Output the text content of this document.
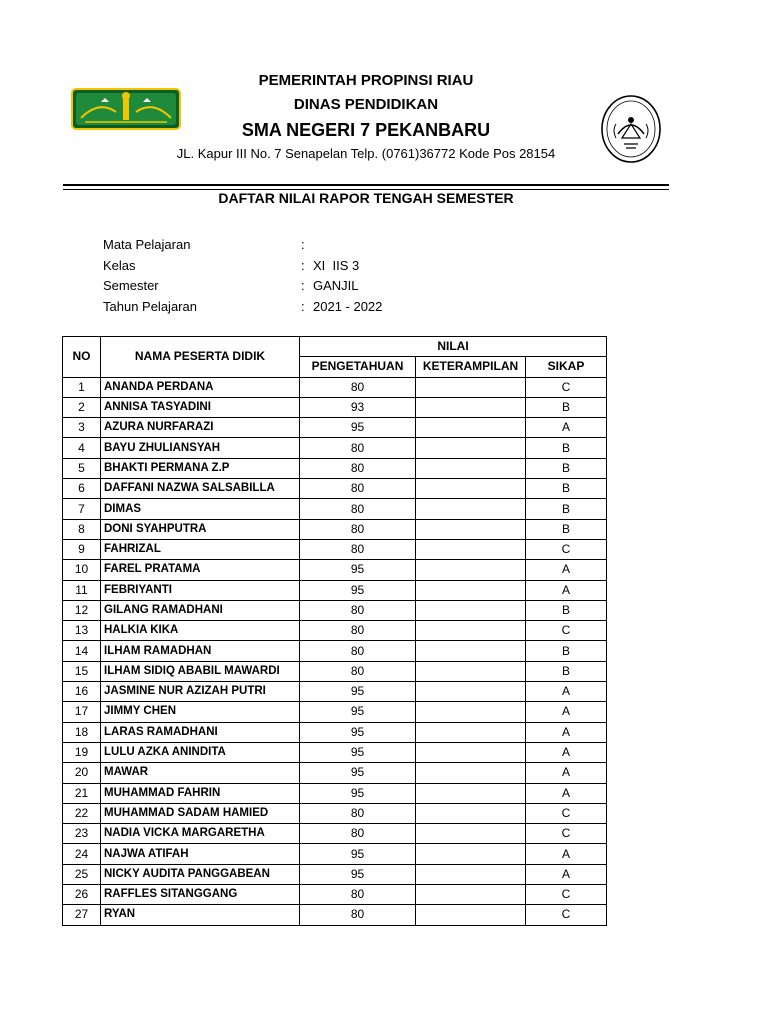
PEMERINTAH PROPINSI RIAU
DINAS PENDIDIKAN
SMA NEGERI 7 PEKANBARU
JL. Kapur III No. 7 Senapelan Telp. (0761)36772 Kode Pos 28154
DAFTAR NILAI RAPOR TENGAH SEMESTER
Mata Pelajaran	:
Kelas	: XI  IIS 3
Semester	: GANJIL
Tahun Pelajaran	: 2021 - 2022
NO	NAMA PESERTA DIDIK	NILAI		
		PENGETAHUAN	KETERAMPILAN	SIKAP
1	ANANDA PERDANA	80		C
2	ANNISA TASYADINI	93		B
3	AZURA NURFARAZI	95		A
4	BAYU ZHULIANSYAH	80		B
5	BHAKTI PERMANA Z.P	80		B
6	DAFFANI NAZWA SALSABILLA	80		B
7	DIMAS	80		B
8	DONI SYAHPUTRA	80		B
9	FAHRIZAL	80		C
10	FAREL PRATAMA	95		A
11	FEBRIYANTI	95		A
12	GILANG RAMADHANI	80		B
13	HALKIA KIKA	80		C
14	ILHAM RAMADHAN	80		B
15	ILHAM SIDIQ ABABIL MAWARDI	80		B
16	JASMINE NUR AZIZAH PUTRI	95		A
17	JIMMY CHEN	95		A
18	LARAS RAMADHANI	95		A
19	LULU AZKA ANINDITA	95		A
20	MAWAR	95		A
21	MUHAMMAD FAHRIN	95		A
22	MUHAMMAD SADAM HAMIED	80		C
23	NADIA VICKA MARGARETHA	80		C
24	NAJWA ATIFAH	95		A
25	NICKY AUDITA PANGGABEAN	95		A
26	RAFFLES SITANGGANG	80		C
27	RYAN	80		C
